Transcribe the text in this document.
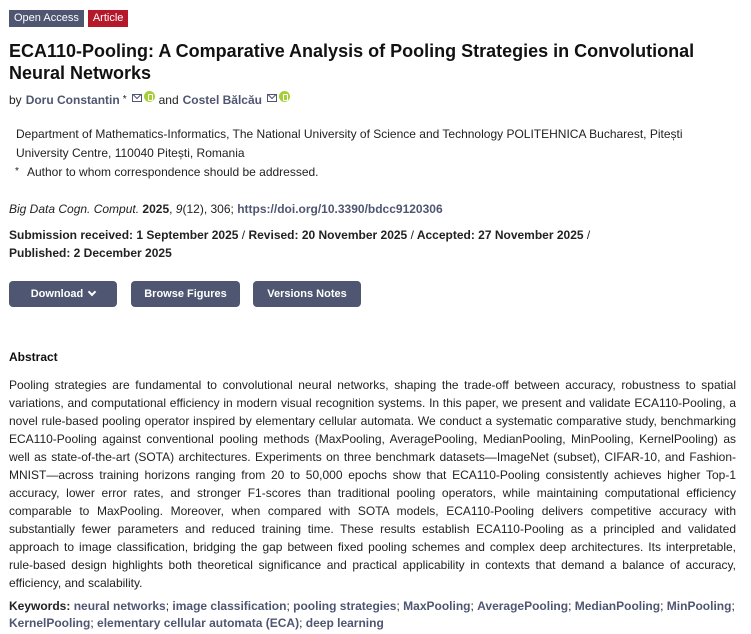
Open Access	Article
ECA110-Pooling: A Comparative Analysis of Pooling Strategies in Convolutional Neural Networks
by Doru Constantin *	and Costel Bălcău
Department of Mathematics-Informatics, The National University of Science and Technology POLITEHNICA Bucharest, Pitești University Centre, 110040 Pitești, Romania
* Author to whom correspondence should be addressed.
Big Data Cogn. Comput. 2025, 9(12), 306; https://doi.org/10.3390/bdcc9120306
Submission received: 1 September 2025 / Revised: 20 November 2025 / Accepted: 27 November 2025 / Published: 2 December 2025
Download	Browse Figures	Versions Notes
Abstract

Pooling strategies are fundamental to convolutional neural networks, shaping the trade-off between accuracy, robustness to spatial variations, and computational efficiency in modern visual recognition systems. In this paper, we present and validate ECA110-Pooling, a novel rule-based pooling operator inspired by elementary cellular automata. We conduct a systematic comparative study, benchmarking ECA110-Pooling against conventional pooling methods (MaxPooling, AveragePooling, MedianPooling, MinPooling, KernelPooling) as well as state-of-the-art (SOTA) architectures. Experiments on three benchmark datasets—ImageNet (subset), CIFAR-10, and Fashion-MNIST—across training horizons ranging from 20 to 50,000 epochs show that ECA110-Pooling consistently achieves higher Top-1 accuracy, lower error rates, and stronger F1-scores than traditional pooling operators, while maintaining computational efficiency comparable to MaxPooling. Moreover, when compared with SOTA models, ECA110-Pooling delivers competitive accuracy with substantially fewer parameters and reduced training time. These results establish ECA110-Pooling as a principled and validated approach to image classification, bridging the gap between fixed pooling schemes and complex deep architectures. Its interpretable, rule-based design highlights both theoretical significance and practical applicability in contexts that demand a balance of accuracy, efficiency, and scalability.

Keywords: neural networks; image classification; pooling strategies; MaxPooling; AveragePooling; MedianPooling; MinPooling; KernelPooling; elementary cellular automata (ECA); deep learning
